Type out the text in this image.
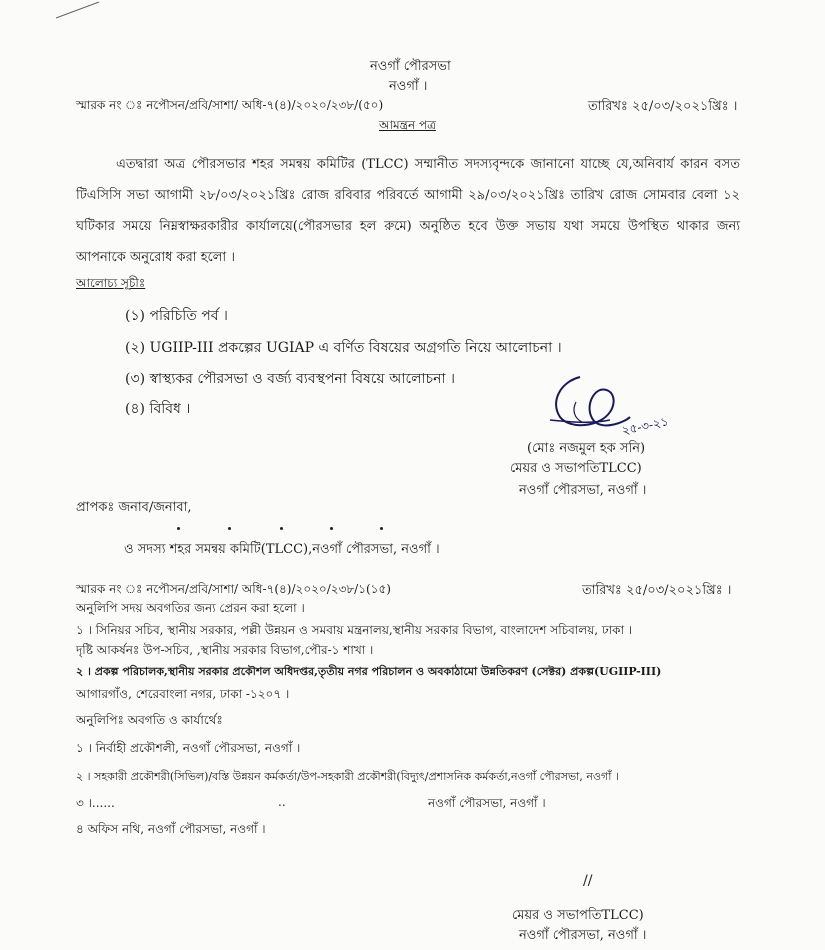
নওগাঁ পৌরসভা
নওগাঁ ।
স্মারক নং ঃ নপৌসন/প্রবি/সাশা/ অধি-৭(৪)/২০২০/২৩৮/(৫০)	তারিখঃ ২৫/০৩/২০২১খ্রিঃ ।
আমন্ত্রন পত্র
এতদ্বারা অত্র পৌরসভার শহর সমন্বয় কমিটির (TLCC) সম্মানীত সদস্যবৃন্দকে জানানো যাচ্ছে যে,অনিবার্য কারন বসত টিএসিসি সভা আগামী ২৮/০৩/২০২১খ্রিঃ রোজ রবিবার পরিবর্তে আগামী ২৯/০৩/২০২১খ্রিঃ তারিখ রোজ সোমবার বেলা ১২ ঘটিকার সময়ে নিম্নস্বাক্ষরকারীর কার্যালয়ে(পৌরসভার হল রুমে) অনুষ্ঠিত হবে উক্ত সভায় যথা সময়ে উপস্থিত থাকার জন্য আপনাকে অনুরোধ করা হলো ।
আলোচ্য সূচীঃ
(১) পরিচিতি পর্ব ।
(২) UGIIP-III প্রকল্পের UGIAP এ বর্ণিত বিষয়ের অগ্রগতি নিয়ে আলোচনা ।
(৩) স্বাস্থ্যকর পৌরসভা ও বর্জ্য ব্যবস্থপনা বিষয়ে আলোচনা ।
(৪) বিবিধ ।
২৫-৩-২১
(মোঃ নজমুল হক সনি)
মেয়র ও সভাপতিTLCC)
নওগাঁ পৌরসভা, নওগাঁ ।
প্রাপকঃ জনাব/জনাবা,
ও সদস্য শহর সমন্বয় কমিটি(TLCC),নওগাঁ পৌরসভা, নওগাঁ ।
স্মারক নং ঃ নপৌসন/প্রবি/সাশা/ অধি-৭(৪)/২০২০/২৩৮/১(১৫)	তারিখঃ ২৫/০৩/২০২১খ্রিঃ ।
অনুলিপি সদয় অবগতির জন্য প্রেরন করা হলো ।
১ । সিনিয়র সচিব, স্থানীয় সরকার, পল্লী উন্নয়ন ও সমবায় মন্ত্রনালয়,স্থানীয় সরকার বিভাগ, বাংলাদেশ সচিবালয়, ঢাকা ।
দৃষ্টি আকর্ষনঃ উপ-সচিব, ,স্থানীয় সরকার বিভাগ,পৌর-১ শাখা ।
২ । প্রকল্প পরিচালক,স্থানীয় সরকার প্রকৌশল অধিদপ্তর,তৃতীয় নগর পরিচালন ও অবকাঠামো উন্নতিকরণ (সেক্টর) প্রকল্প(UGIIP-III)
আগারগাঁও, শেরেবাংলা নগর, ঢাকা -১২০৭ ।
অনুলিপিঃ অবগতি ও কার্যার্থেঃ
১ । নির্বাহী প্রকৌশলী, নওগাঁ পৌরসভা, নওগাঁ ।
২ । সহকারী প্রকৌশরী(সিভিল)/বস্তি উন্নয়ন কর্মকর্তা/উপ-সহকারী প্রকৌশরী(বিদ্যুৎ/প্রশাসনিক কর্মকর্তা,নওগাঁ পৌরসভা, নওগাঁ ।
৩ ।......	..	নওগাঁ পৌরসভা, নওগাঁ ।
৪ অফিস নথি, নওগাঁ পৌরসভা, নওগাঁ ।
//
মেয়র ও সভাপতিTLCC)
নওগাঁ পৌরসভা, নওগাঁ ।
